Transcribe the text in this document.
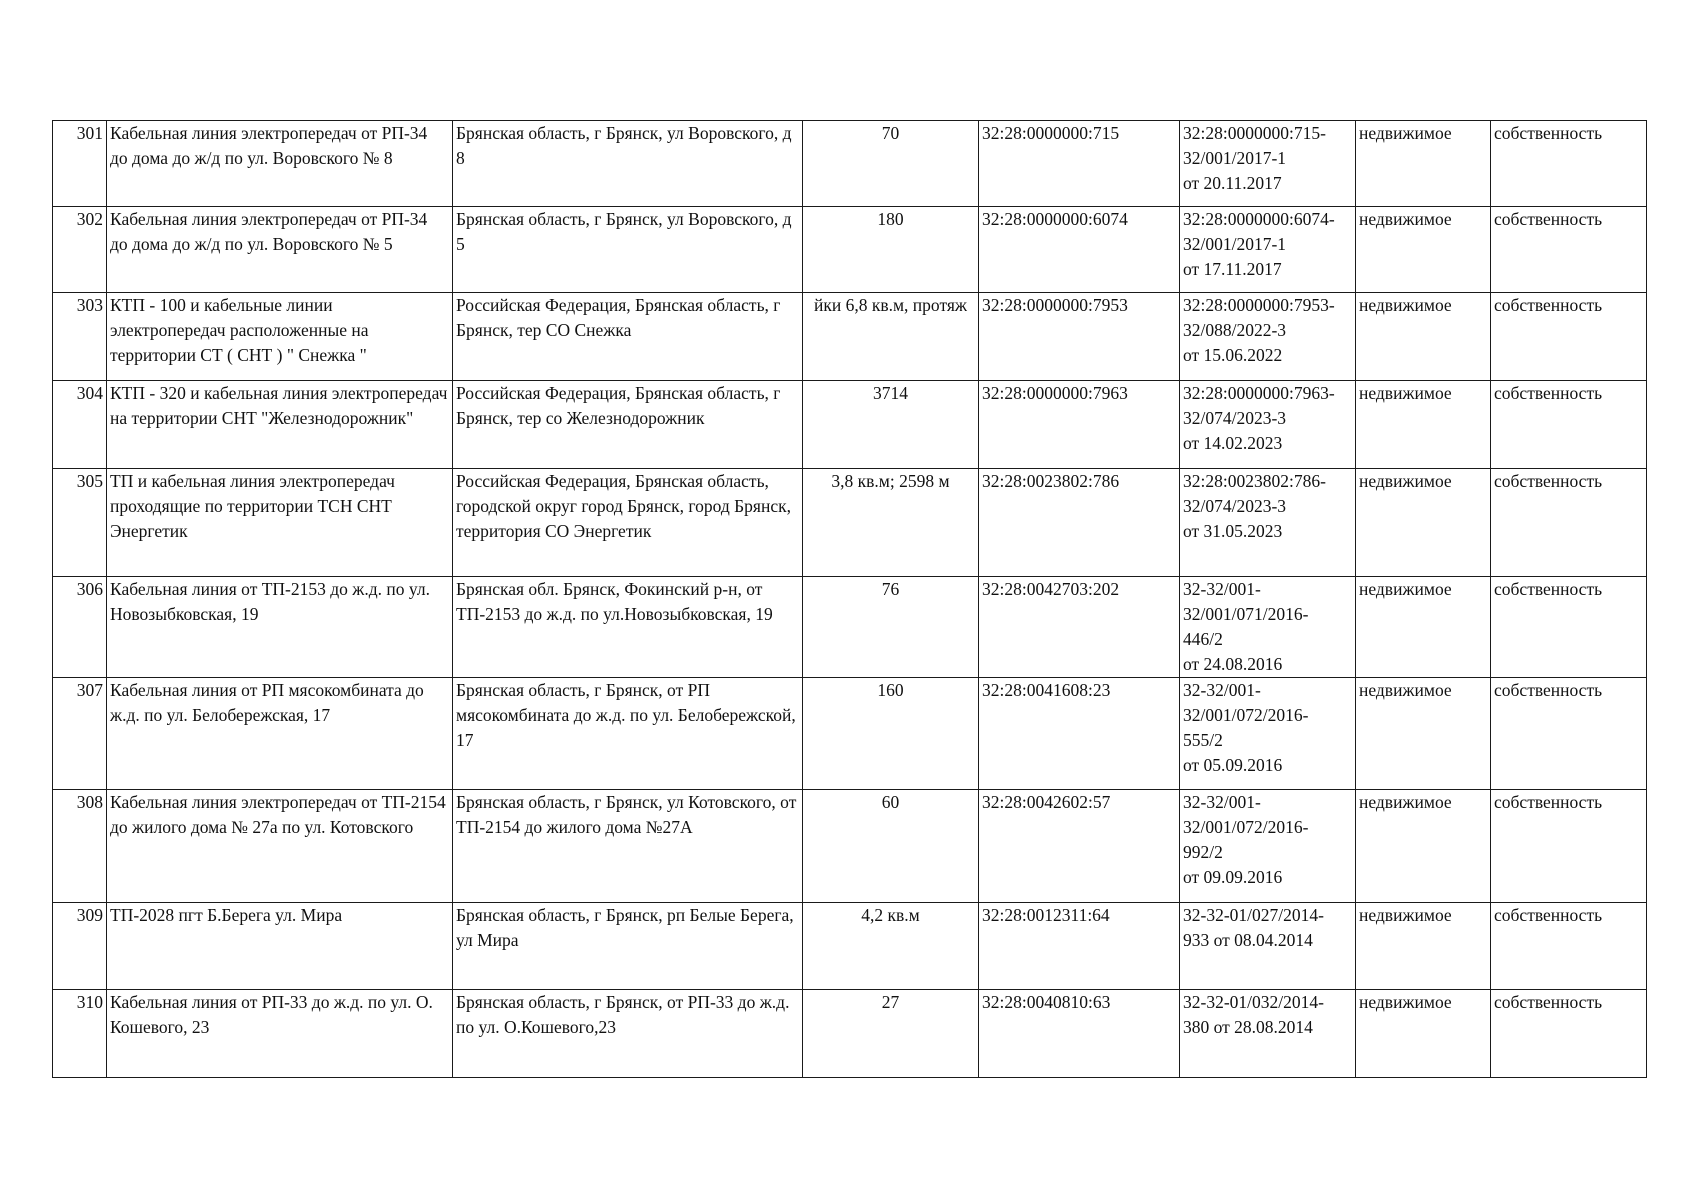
301	Кабельная линия электропередач от РП-34 до дома до ж/д по ул. Воровского № 8	Брянская область, г Брянск, ул Воровского, д 8	70	32:28:0000000:715	32:28:0000000:715-
32/001/2017-1
от 20.11.2017	недвижимое	собственность
302	Кабельная линия электропередач от РП-34 до дома до ж/д по ул. Воровского № 5	Брянская область, г Брянск, ул Воровского, д 5	180	32:28:0000000:6074	32:28:0000000:6074-
32/001/2017-1
от 17.11.2017	недвижимое	собственность
303	КТП - 100 и кабельные линии электропередач расположенные на территории СТ ( СНТ ) " Снежка "	Российская Федерация, Брянская область, г Брянск, тер СО Снежка	йки 6,8 кв.м, протяж	32:28:0000000:7953	32:28:0000000:7953-
32/088/2022-3
от 15.06.2022	недвижимое	собственность
304	КТП - 320 и кабельная линия электропередач на территории СНТ "Железнодорожник"	Российская Федерация, Брянская область, г Брянск, тер со Железнодорожник	3714	32:28:0000000:7963	32:28:0000000:7963-
32/074/2023-3
от 14.02.2023	недвижимое	собственность
305	ТП и кабельная линия электропередач проходящие по территории ТСН СНТ Энергетик	Российская Федерация, Брянская область, городской округ город Брянск, город Брянск, территория СО Энергетик	3,8 кв.м; 2598 м	32:28:0023802:786	32:28:0023802:786-
32/074/2023-3
от 31.05.2023	недвижимое	собственность
306	Кабельная линия от ТП-2153 до ж.д. по ул. Новозыбковская, 19	Брянская обл. Брянск, Фокинский р-н, от ТП-2153 до ж.д. по ул.Новозыбковская, 19	76	32:28:0042703:202	32-32/001-
32/001/071/2016-
446/2
от 24.08.2016	недвижимое	собственность
307	Кабельная линия от РП мясокомбината до ж.д. по ул. Белобережская, 17	Брянская область, г Брянск, от РП мясокомбината до ж.д. по ул. Белобережской, 17	160	32:28:0041608:23	32-32/001-
32/001/072/2016-
555/2
от 05.09.2016	недвижимое	собственность
308	Кабельная линия электропередач от ТП-2154 до жилого дома № 27а по ул. Котовского	Брянская область, г Брянск, ул Котовского, от ТП-2154 до жилого дома №27А	60	32:28:0042602:57	32-32/001-
32/001/072/2016-
992/2
от 09.09.2016	недвижимое	собственность
309	ТП-2028 пгт Б.Берега ул. Мира	Брянская область, г Брянск, рп Белые Берега, ул Мира	4,2 кв.м	32:28:0012311:64	32-32-01/027/2014-
933 от 08.04.2014	недвижимое	собственность
310	Кабельная линия от РП-33 до ж.д. по ул. О. Кошевого, 23	Брянская область, г Брянск, от РП-33 до ж.д. по ул. О.Кошевого,23	27	32:28:0040810:63	32-32-01/032/2014-
380 от 28.08.2014	недвижимое	собственность
